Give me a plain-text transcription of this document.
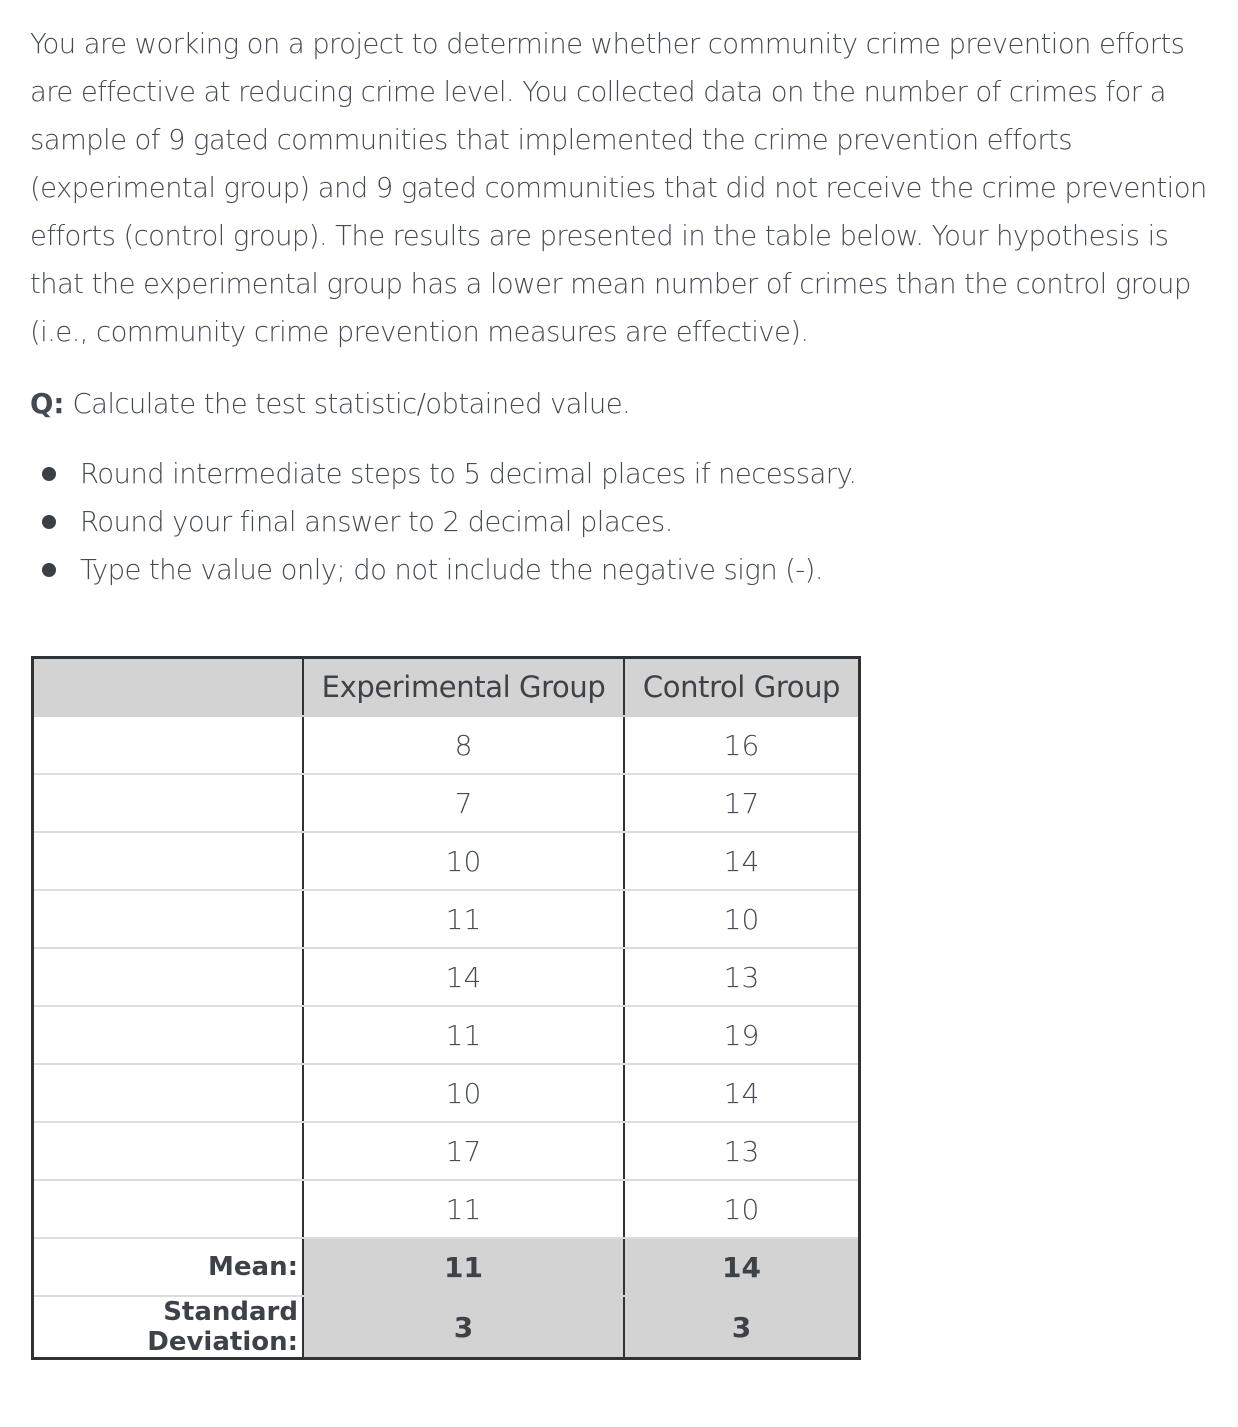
You are working on a project to determine whether community crime prevention efforts are effective at reducing crime level. You collected data on the number of crimes for a sample of 9 gated communities that implemented the crime prevention efforts (experimental group) and 9 gated communities that did not receive the crime prevention efforts (control group). The results are presented in the table below. Your hypothesis is that the experimental group has a lower mean number of crimes than the control group (i.e., community crime prevention measures are effective).

Q: Calculate the test statistic/obtained value.

Round intermediate steps to 5 decimal places if necessary.
Round your final answer to 2 decimal places.
Type the value only; do not include the negative sign (-).
	Experimental Group	Control Group
	8	16
	7	17
	10	14
	11	10
	14	13
	11	19
	10	14
	17	13
	11	10
Mean:	11	14
Standard Deviation:	3	3
